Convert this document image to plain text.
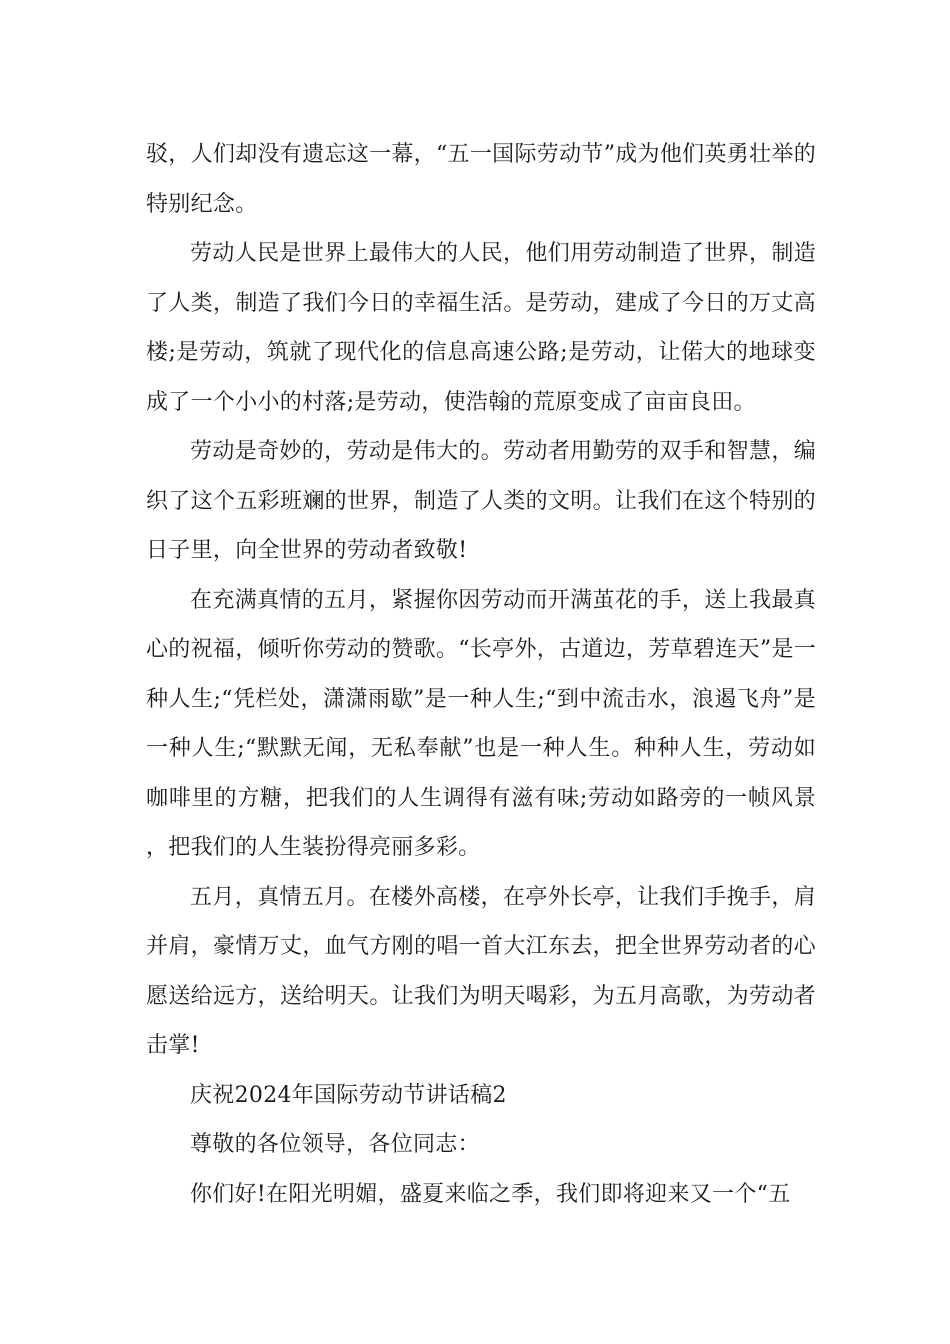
驳，人们却没有遗忘这一幕，“五一国际劳动节”成为他们英勇壮举的特别纪念。

劳动人民是世界上最伟大的人民，他们用劳动制造了世界，制造了人类，制造了我们今日的幸福生活。是劳动，建成了今日的万丈高楼;是劳动，筑就了现代化的信息高速公路;是劳动，让偌大的地球变成了一个小小的村落;是劳动，使浩翰的荒原变成了亩亩良田。

劳动是奇妙的，劳动是伟大的。劳动者用勤劳的双手和智慧，编织了这个五彩班斓的世界，制造了人类的文明。让我们在这个特别的日子里，向全世界的劳动者致敬!

在充满真情的五月，紧握你因劳动而开满茧花的手，送上我最真心的祝福，倾听你劳动的赞歌。“长亭外，古道边，芳草碧连天”是一种人生;“凭栏处，潇潇雨歇”是一种人生;“到中流击水，浪遏飞舟”是一种人生;“默默无闻，无私奉献”也是一种人生。种种人生，劳动如咖啡里的方糖，把我们的人生调得有滋有味;劳动如路旁的一帧风景，把我们的人生装扮得亮丽多彩。

五月，真情五月。在楼外高楼，在亭外长亭，让我们手挽手，肩并肩，豪情万丈，血气方刚的唱一首大江东去，把全世界劳动者的心愿送给远方，送给明天。让我们为明天喝彩，为五月高歌，为劳动者击掌!

庆祝2024年国际劳动节讲话稿2

尊敬的各位领导，各位同志：

你们好!在阳光明媚，盛夏来临之季，我们即将迎来又一个“五
